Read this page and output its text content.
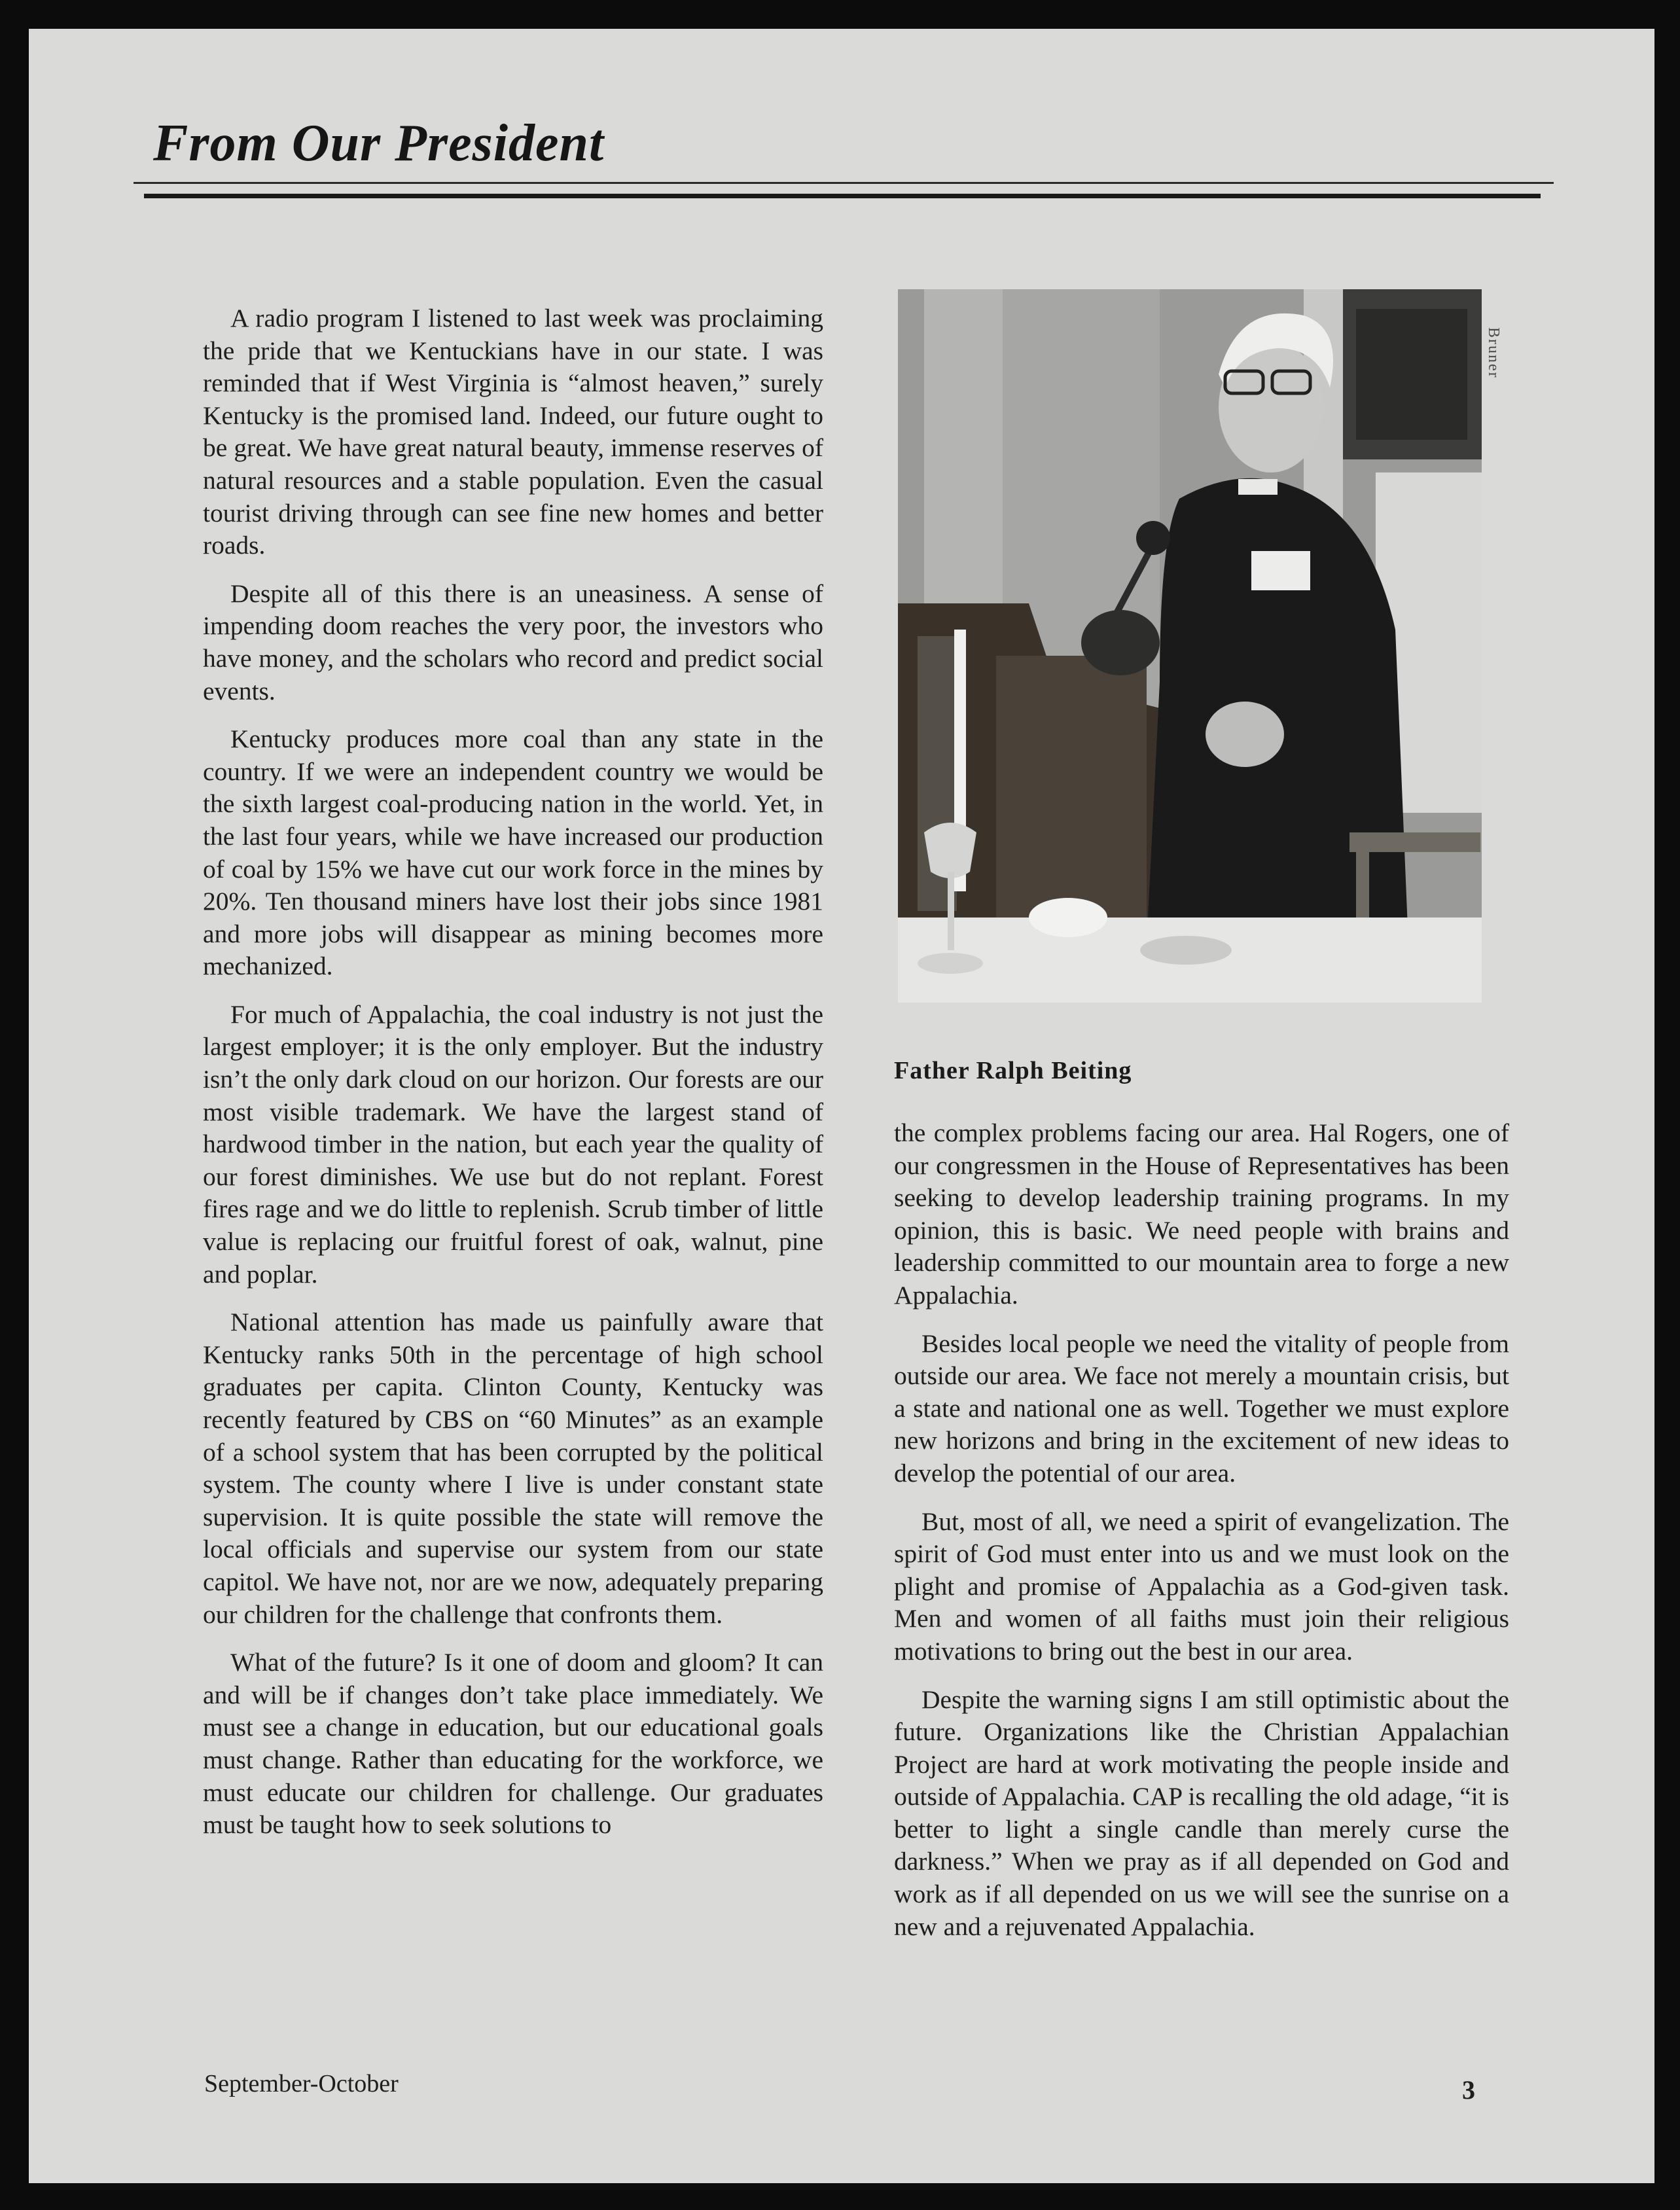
From Our President

A radio program I listened to last week was proclaiming the pride that we Kentuckians have in our state. I was reminded that if West Virginia is “almost heaven,” surely Kentucky is the promised land. Indeed, our future ought to be great. We have great natural beauty, immense reserves of natural resources and a stable population. Even the casual tourist driving through can see fine new homes and better roads.

Despite all of this there is an uneasiness. A sense of impending doom reaches the very poor, the investors who have money, and the scholars who record and predict social events.

Kentucky produces more coal than any state in the country. If we were an independent country we would be the sixth largest coal-producing nation in the world. Yet, in the last four years, while we have increased our production of coal by 15% we have cut our work force in the mines by 20%. Ten thousand miners have lost their jobs since 1981 and more jobs will disappear as mining becomes more mechanized.

For much of Appalachia, the coal industry is not just the largest employer; it is the only employer. But the industry isn’t the only dark cloud on our horizon. Our forests are our most visible trademark. We have the largest stand of hardwood timber in the nation, but each year the quality of our forest diminishes. We use but do not replant. Forest fires rage and we do little to replenish. Scrub timber of little value is replacing our fruitful forest of oak, walnut, pine and poplar.

National attention has made us painfully aware that Kentucky ranks 50th in the percentage of high school graduates per capita. Clinton County, Kentucky was recently featured by CBS on “60 Minutes” as an example of a school system that has been corrupted by the political system. The county where I live is under constant state supervision. It is quite possible the state will remove the local officials and supervise our system from our state capitol. We have not, nor are we now, adequately preparing our children for the challenge that confronts them.

What of the future? Is it one of doom and gloom? It can and will be if changes don’t take place immediately. We must see a change in education, but our educational goals must change. Rather than educating for the workforce, we must educate our children for challenge. Our graduates must be taught how to seek solutions to

Bruner
Father Ralph Beiting

the complex problems facing our area. Hal Rogers, one of our congressmen in the House of Representatives has been seeking to develop leadership training programs. In my opinion, this is basic. We need people with brains and leadership committed to our mountain area to forge a new Appalachia.

Besides local people we need the vitality of people from outside our area. We face not merely a mountain crisis, but a state and national one as well. Together we must explore new horizons and bring in the excitement of new ideas to develop the potential of our area.

But, most of all, we need a spirit of evangelization. The spirit of God must enter into us and we must look on the plight and promise of Appalachia as a God-given task. Men and women of all faiths must join their religious motivations to bring out the best in our area.

Despite the warning signs I am still optimistic about the future. Organizations like the Christian Appalachian Project are hard at work motivating the people inside and outside of Appalachia. CAP is recalling the old adage, “it is better to light a single candle than merely curse the darkness.” When we pray as if all depended on God and work as if all depended on us we will see the sunrise on a new and a rejuvenated Appalachia.

September-October	3
